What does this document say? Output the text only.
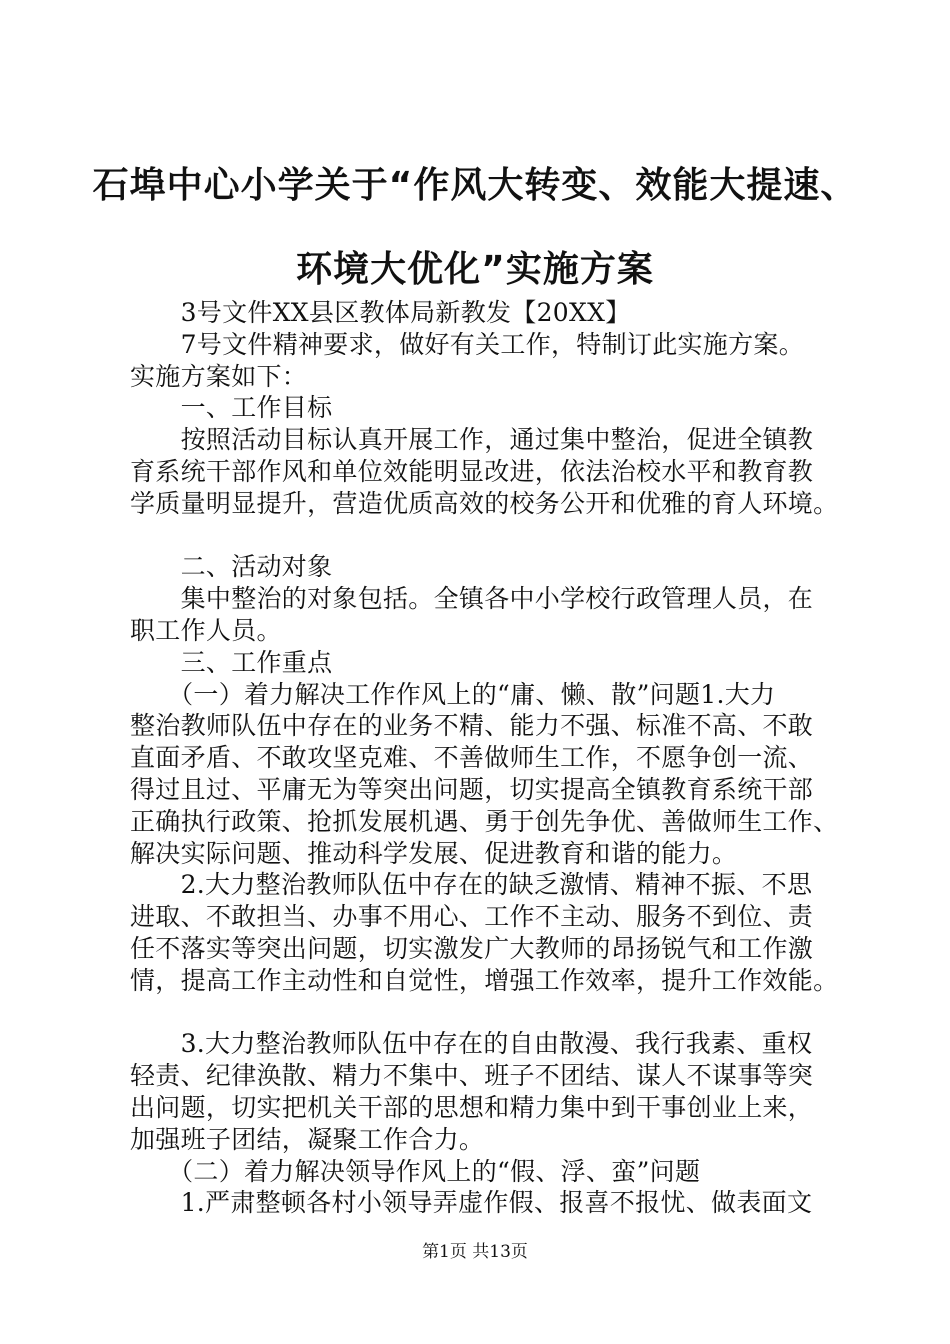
石埠中心小学关于“作风大转变、效能大提速、
环境大优化”实施方案
　　3号文件XX县区教体局新教发【20XX】
　　7号文件精神要求，做好有关工作，特制订此实施方案。
实施方案如下：
　　一、工作目标
　　按照活动目标认真开展工作，通过集中整治，促进全镇教
育系统干部作风和单位效能明显改进，依法治校水平和教育教
学质量明显提升，营造优质高效的校务公开和优雅的育人环境。
　　二、活动对象
　　集中整治的对象包括。全镇各中小学校行政管理人员，在
职工作人员。
　　三、工作重点
　　（一）着力解决工作作风上的“庸、懒、散”问题1.大力
整治教师队伍中存在的业务不精、能力不强、标准不高、不敢
直面矛盾、不敢攻坚克难、不善做师生工作，不愿争创一流、
得过且过、平庸无为等突出问题，切实提高全镇教育系统干部
正确执行政策、抢抓发展机遇、勇于创先争优、善做师生工作、
解决实际问题、推动科学发展、促进教育和谐的能力。
　　2.大力整治教师队伍中存在的缺乏激情、精神不振、不思
进取、不敢担当、办事不用心、工作不主动、服务不到位、责
任不落实等突出问题，切实激发广大教师的昂扬锐气和工作激
情，提高工作主动性和自觉性，增强工作效率，提升工作效能。
　　3.大力整治教师队伍中存在的自由散漫、我行我素、重权
轻责、纪律涣散、精力不集中、班子不团结、谋人不谋事等突
出问题，切实把机关干部的思想和精力集中到干事创业上来，
加强班子团结，凝聚工作合力。
　　（二）着力解决领导作风上的“假、浮、蛮”问题
　　1.严肃整顿各村小领导弄虚作假、报喜不报忧、做表面文
第1页 共13页
